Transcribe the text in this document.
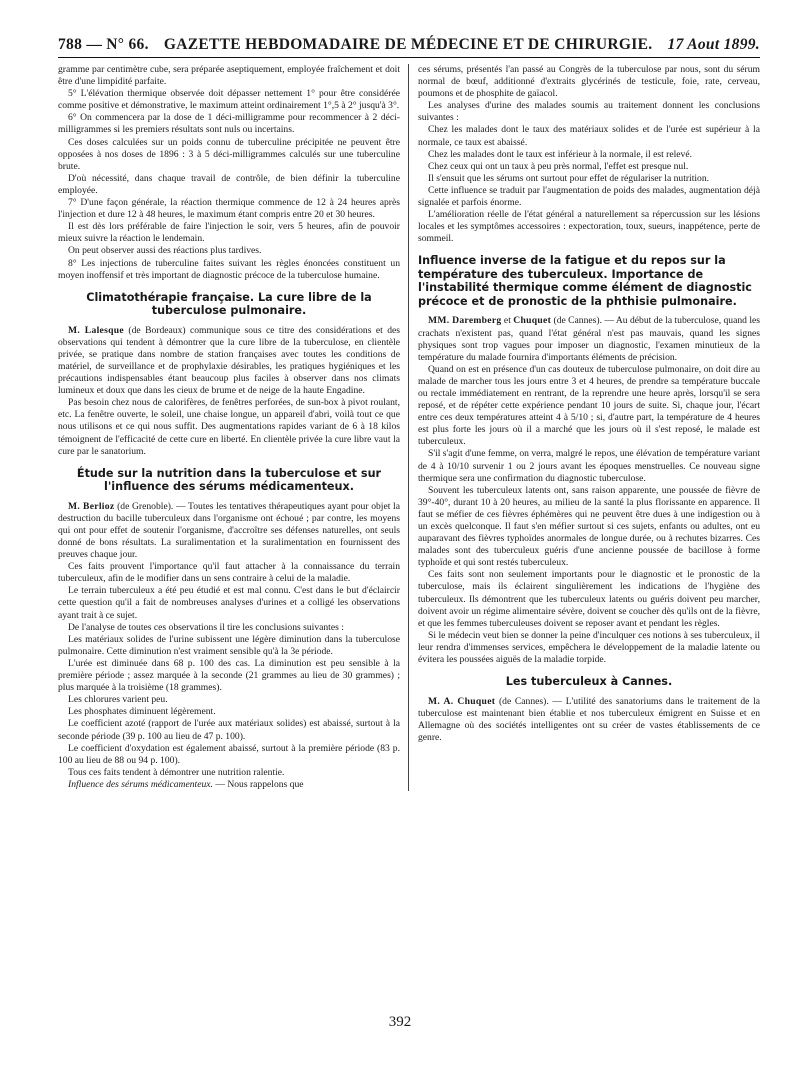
788 — N° 66. GAZETTE HEBDOMADAIRE DE MÉDECINE ET DE CHIRURGIE. 17 Aout 1899.

gramme par centimètre cube, sera préparée aseptiquement, employée fraîchement et doit être d'une limpidité parfaite.

5° L'élévation thermique observée doit dépasser nettement 1° pour être considérée comme positive et démonstrative, le maximum atteint ordinairement 1°,5 à 2° jusqu'à 3°.

6° On commencera par la dose de 1 déci-milligramme pour recommencer à 2 déci-milligrammes si les premiers résultats sont nuls ou incertains.

Ces doses calculées sur un poids connu de tuberculine précipitée ne peuvent être opposées à nos doses de 1896 : 3 à 5 déci-milligrammes calculés sur une tuberculine brute.

D'où nécessité, dans chaque travail de contrôle, de bien définir la tuberculine employée.

7° D'une façon générale, la réaction thermique commence de 12 à 24 heures après l'injection et dure 12 à 48 heures, le maximum étant compris entre 20 et 30 heures.

Il est dès lors préférable de faire l'injection le soir, vers 5 heures, afin de pouvoir mieux suivre la réaction le lendemain.

On peut observer aussi des réactions plus tardives.

8° Les injections de tuberculine faites suivant les règles énoncées constituent un moyen inoffensif et très important de diagnostic précoce de la tuberculose humaine.

Climatothérapie française. La cure libre de la tuberculose pulmonaire.

M. Lalesque (de Bordeaux) communique sous ce titre des considérations et des observations qui tendent à démontrer que la cure libre de la tuberculose, en clientèle privée, se pratique dans nombre de station françaises avec toutes les conditions de matériel, de surveillance et de prophylaxie désirables, les pratiques hygiéniques et les précautions indispensables étant beaucoup plus faciles à observer dans nos climats lumineux et doux que dans les cieux de brume et de neige de la haute Engadine.

Pas besoin chez nous de calorifères, de fenêtres perforées, de sun-box à pivot roulant, etc. La fenêtre ouverte, le soleil, une chaise longue, un appareil d'abri, voilà tout ce que nous utilisons et ce qui nous suffit. Des augmentations rapides variant de 6 à 18 kilos témoignent de l'efficacité de cette cure en liberté. En clientèle privée la cure libre vaut la cure par le sanatorium.

Étude sur la nutrition dans la tuberculose et sur l'influence des sérums médicamenteux.

M. Berlioz (de Grenoble). — Toutes les tentatives thérapeutiques ayant pour objet la destruction du bacille tuberculeux dans l'organisme ont échoué ; par contre, les moyens qui ont pour effet de soutenir l'organisme, d'accroître ses défenses naturelles, ont seuls donné de bons résultats. La suralimentation et la suralimentation en fournissent des preuves chaque jour.

Ces faits prouvent l'importance qu'il faut attacher à la connaissance du terrain tuberculeux, afin de le modifier dans un sens contraire à celui de la maladie.

Le terrain tuberculeux a été peu étudié et est mal connu. C'est dans le but d'éclaircir cette question qu'il a fait de nombreuses analyses d'urines et a colligé les observations ayant trait à ce sujet.

De l'analyse de toutes ces observations il tire les conclusions suivantes :

Les matériaux solides de l'urine subissent une légère diminution dans la tuberculose pulmonaire. Cette diminution n'est vraiment sensible qu'à la 3e période.

L'urée est diminuée dans 68 p. 100 des cas. La diminution est peu sensible à la première période ; assez marquée à la seconde (21 grammes au lieu de 30 grammes) ; plus marquée à la troisième (18 grammes).

Les chlorures varient peu.

Les phosphates diminuent légèrement.

Le coefficient azoté (rapport de l'urée aux matériaux solides) est abaissé, surtout à la seconde période (39 p. 100 au lieu de 47 p. 100).

Le coefficient d'oxydation est également abaissé, surtout à la première période (83 p. 100 au lieu de 88 ou 94 p. 100).

Tous ces faits tendent à démontrer une nutrition ralentie.

Influence des sérums médicamenteux. — Nous rappelons que

ces sérums, présentés l'an passé au Congrès de la tuberculose par nous, sont du sérum normal de bœuf, additionné d'extraits glycérinés de testicule, foie, rate, cerveau, poumons et de phosphite de gaïacol.

Les analyses d'urine des malades soumis au traitement donnent les conclusions suivantes :

Chez les malades dont le taux des matériaux solides et de l'urée est supérieur à la normale, ce taux est abaissé.

Chez les malades dont le taux est inférieur à la normale, il est relevé.

Chez ceux qui ont un taux à peu près normal, l'effet est presque nul.

Il s'ensuit que les sérums ont surtout pour effet de régulariser la nutrition.

Cette influence se traduit par l'augmentation de poids des malades, augmentation déjà signalée et parfois énorme.

L'amélioration réelle de l'état général a naturellement sa répercussion sur les lésions locales et les symptômes accessoires : expectoration, toux, sueurs, inappétence, perte de sommeil.

Influence inverse de la fatigue et du repos sur la température des tuberculeux. Importance de l'instabilité thermique comme élément de diagnostic précoce et de pronostic de la phthisie pulmonaire.

MM. Daremberg et Chuquet (de Cannes). — Au début de la tuberculose, quand les crachats n'existent pas, quand l'état général n'est pas mauvais, quand les signes physiques sont trop vagues pour imposer un diagnostic, l'examen minutieux de la température du malade fournira d'importants éléments de précision.

Quand on est en présence d'un cas douteux de tuberculose pulmonaire, on doit dire au malade de marcher tous les jours entre 3 et 4 heures, de prendre sa température buccale ou rectale immédiatement en rentrant, de la reprendre une heure après, lorsqu'il se sera reposé, et de répéter cette expérience pendant 10 jours de suite. Si, chaque jour, l'écart entre ces deux températures atteint 4 à 5/10 ; si, d'autre part, la température de 4 heures est plus forte les jours où il a marché que les jours où il s'est reposé, le malade est tuberculeux.

S'il s'agit d'une femme, on verra, malgré le repos, une élévation de température variant de 4 à 10/10 survenir 1 ou 2 jours avant les époques menstruelles. Ce nouveau signe thermique sera une confirmation du diagnostic tuberculose.

Souvent les tuberculeux latents ont, sans raison apparente, une poussée de fièvre de 39°-40°, durant 10 à 20 heures, au milieu de la santé la plus florissante en apparence. Il faut se méfier de ces fièvres éphémères qui ne peuvent être dues à une indigestion ou à un excès quelconque. Il faut s'en méfier surtout si ces sujets, enfants ou adultes, ont eu auparavant des fièvres typhoïdes anormales de longue durée, ou à rechutes bizarres. Ces malades sont des tuberculeux guéris d'une ancienne poussée de bacillose à forme typhoïde et qui sont restés tuberculeux.

Ces faits sont non seulement importants pour le diagnostic et le pronostic de la tuberculose, mais ils éclairent singulièrement les indications de l'hygiène des tuberculeux. Ils démontrent que les tuberculeux latents ou guéris doivent peu marcher, doivent avoir un régime alimentaire sévère, doivent se coucher dès qu'ils ont de la fièvre, et que les femmes tuberculeuses doivent se reposer avant et pendant les règles.

Si le médecin veut bien se donner la peine d'inculquer ces notions à ses tuberculeux, il leur rendra d'immenses services, empêchera le développement de la maladie latente ou évitera les poussées aiguës de la maladie torpide.

Les tuberculeux à Cannes.

M. A. Chuquet (de Cannes). — L'utilité des sanatoriums dans le traitement de la tuberculose est maintenant bien établie et nos tuberculeux émigrent en Suisse et en Allemagne où des sociétés intelligentes ont su créer de vastes établissements de ce genre.

392
